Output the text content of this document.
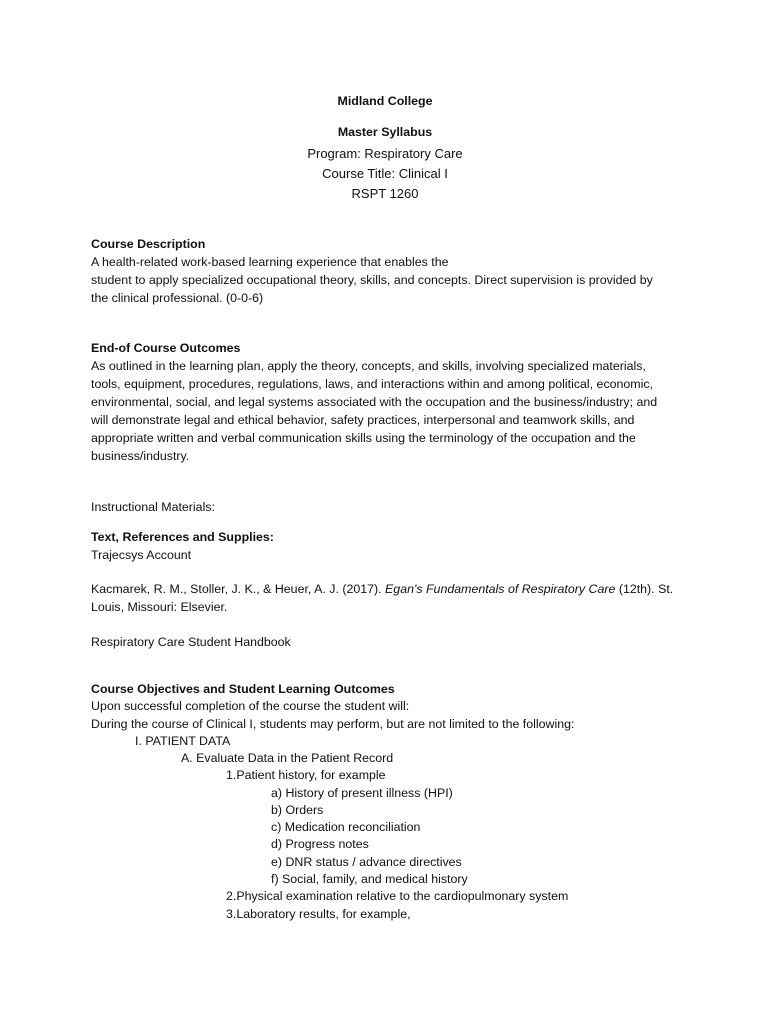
Midland College
Master Syllabus
Program: Respiratory Care
Course Title: Clinical I
RSPT 1260
Course Description
A health-related work-based learning experience that enables the
student to apply specialized occupational theory, skills, and concepts. Direct supervision is provided by
the clinical professional. (0-0-6)
End-of Course Outcomes
As outlined in the learning plan, apply the theory, concepts, and skills, involving specialized materials,
tools, equipment, procedures, regulations, laws, and interactions within and among political, economic,
environmental, social, and legal systems associated with the occupation and the business/industry; and
will demonstrate legal and ethical behavior, safety practices, interpersonal and teamwork skills, and
appropriate written and verbal communication skills using the terminology of the occupation and the
business/industry.
Instructional Materials:
Text, References and Supplies:
Trajecsys Account
Kacmarek, R. M., Stoller, J. K., & Heuer, A. J. (2017). Egan's Fundamentals of Respiratory Care (12th). St.
Louis, Missouri: Elsevier.
Respiratory Care Student Handbook
Course Objectives and Student Learning Outcomes
Upon successful completion of the course the student will:
During the course of Clinical I, students may perform, but are not limited to the following:
I. PATIENT DATA
A. Evaluate Data in the Patient Record
1.Patient history, for example
a) History of present illness (HPI)
b) Orders
c) Medication reconciliation
d) Progress notes
e) DNR status / advance directives
f) Social, family, and medical history
2.Physical examination relative to the cardiopulmonary system
3.Laboratory results, for example,
